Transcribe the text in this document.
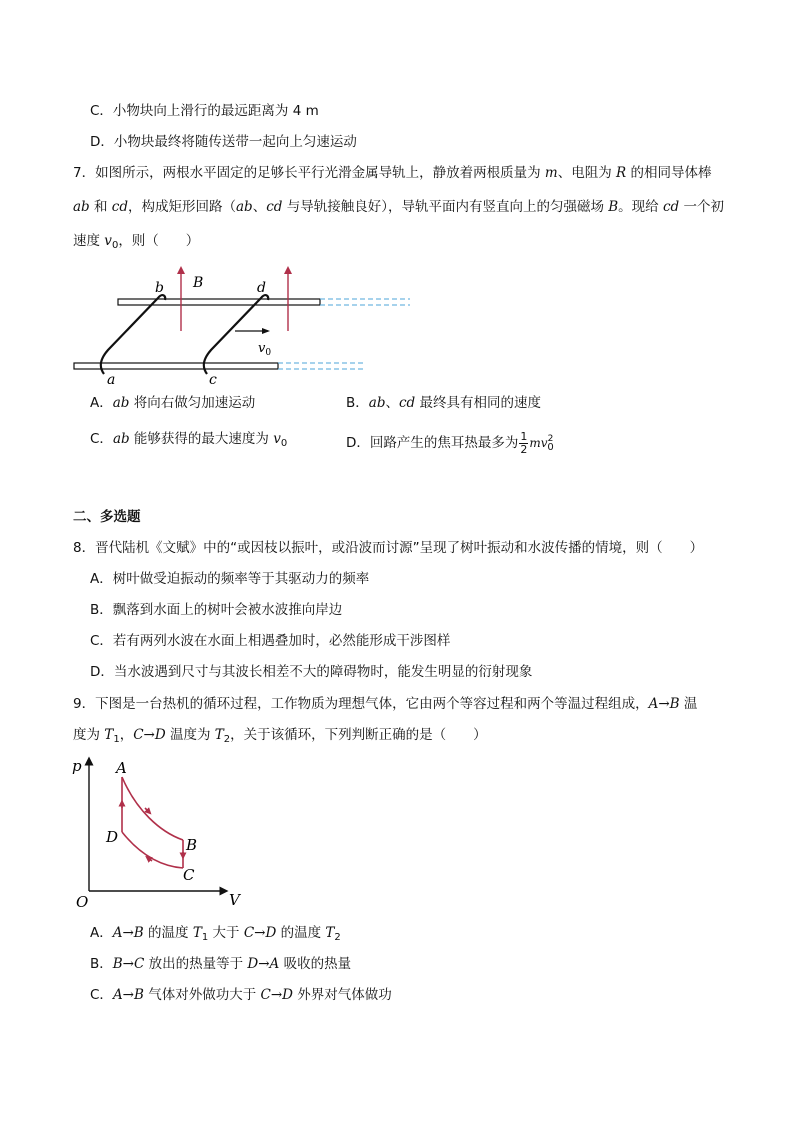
C．小物块向上滑行的最远距离为 4 m
D．小物块最终将随传送带一起向上匀速运动
7．如图所示，两根水平固定的足够长平行光滑金属导轨上，静放着两根质量为 m、电阻为 R 的相同导体棒
ab 和 cd，构成矩形回路（ab、cd 与导轨接触良好），导轨平面内有竖直向上的匀强磁场 B。现给 cd 一个初
速度 $v_0$，则（　　）
b	d
B
a	c
$v_0$
A．ab 将向右做匀加速运动	B．ab、cd 最终具有相同的速度
C．ab 能够获得的最大速度为 $v_0$	D．回路产生的焦耳热最多为 $\frac{1}{2} mv^2_0$
二、多选题
8．晋代陆机《文赋》中的“或因枝以振叶，或沿波而讨源”呈现了树叶振动和水波传播的情境，则（　　）
A．树叶做受迫振动的频率等于其驱动力的频率
B．飘落到水面上的树叶会被水波推向岸边
C．若有两列水波在水面上相遇叠加时，必然能形成干涉图样
D．当水波遇到尺寸与其波长相差不大的障碍物时，能发生明显的衍射现象
9．下图是一台热机的循环过程，工作物质为理想气体，它由两个等容过程和两个等温过程组成，A→B 温
度为 $T_1$，C→D 温度为 $T_2$，关于该循环，下列判断正确的是（　　）
p
V
O
A
B
C
D
A．A→B 的温度 $T_1$ 大于 C→D 的温度 $T_2$
B．B→C 放出的热量等于 D→A 吸收的热量
C．A→B 气体对外做功大于 C→D 外界对气体做功
